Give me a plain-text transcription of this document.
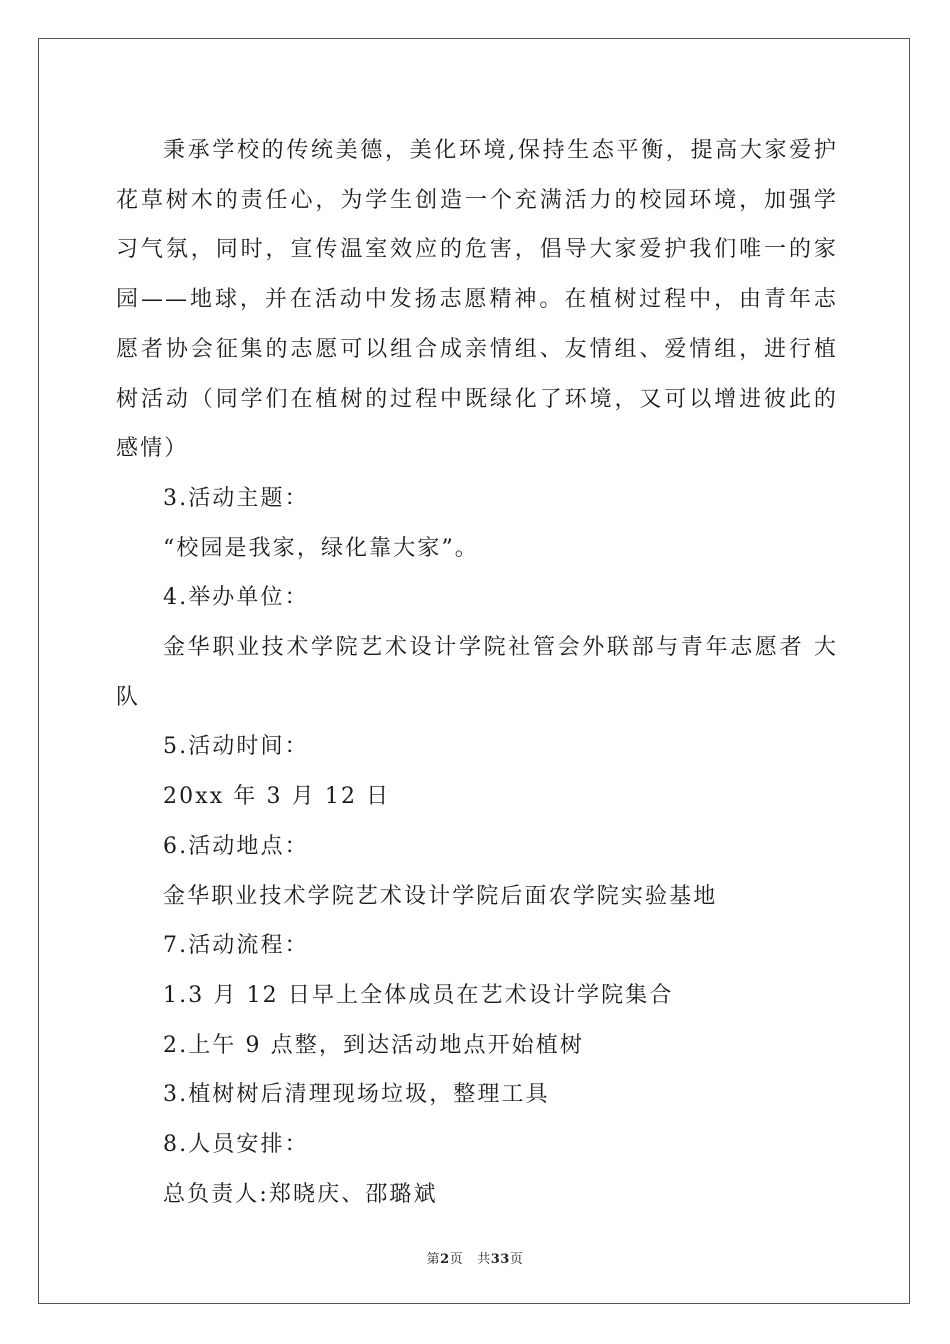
秉承学校的传统美德，美化环境,保持生态平衡，提高大家爱护花草树木的责任心，为学生创造一个充满活力的校园环境，加强学习气氛，同时，宣传温室效应的危害，倡导大家爱护我们唯一的家园——地球，并在活动中发扬志愿精神。在植树过程中，由青年志愿者协会征集的志愿可以组合成亲情组、友情组、爱情组，进行植树活动（同学们在植树的过程中既绿化了环境，又可以增进彼此的感情）

3.活动主题：

“校园是我家，绿化靠大家”。

4.举办单位：

金华职业技术学院艺术设计学院社管会外联部与青年志愿者 大队

5.活动时间：

20xx 年 3 月 12 日

6.活动地点：

金华职业技术学院艺术设计学院后面农学院实验基地

7.活动流程：

1.3 月 12 日早上全体成员在艺术设计学院集合

2.上午 9 点整，到达活动地点开始植树

3.植树树后清理现场垃圾，整理工具

8.人员安排：

总负责人:郑晓庆、邵璐斌

第2页 共33页
